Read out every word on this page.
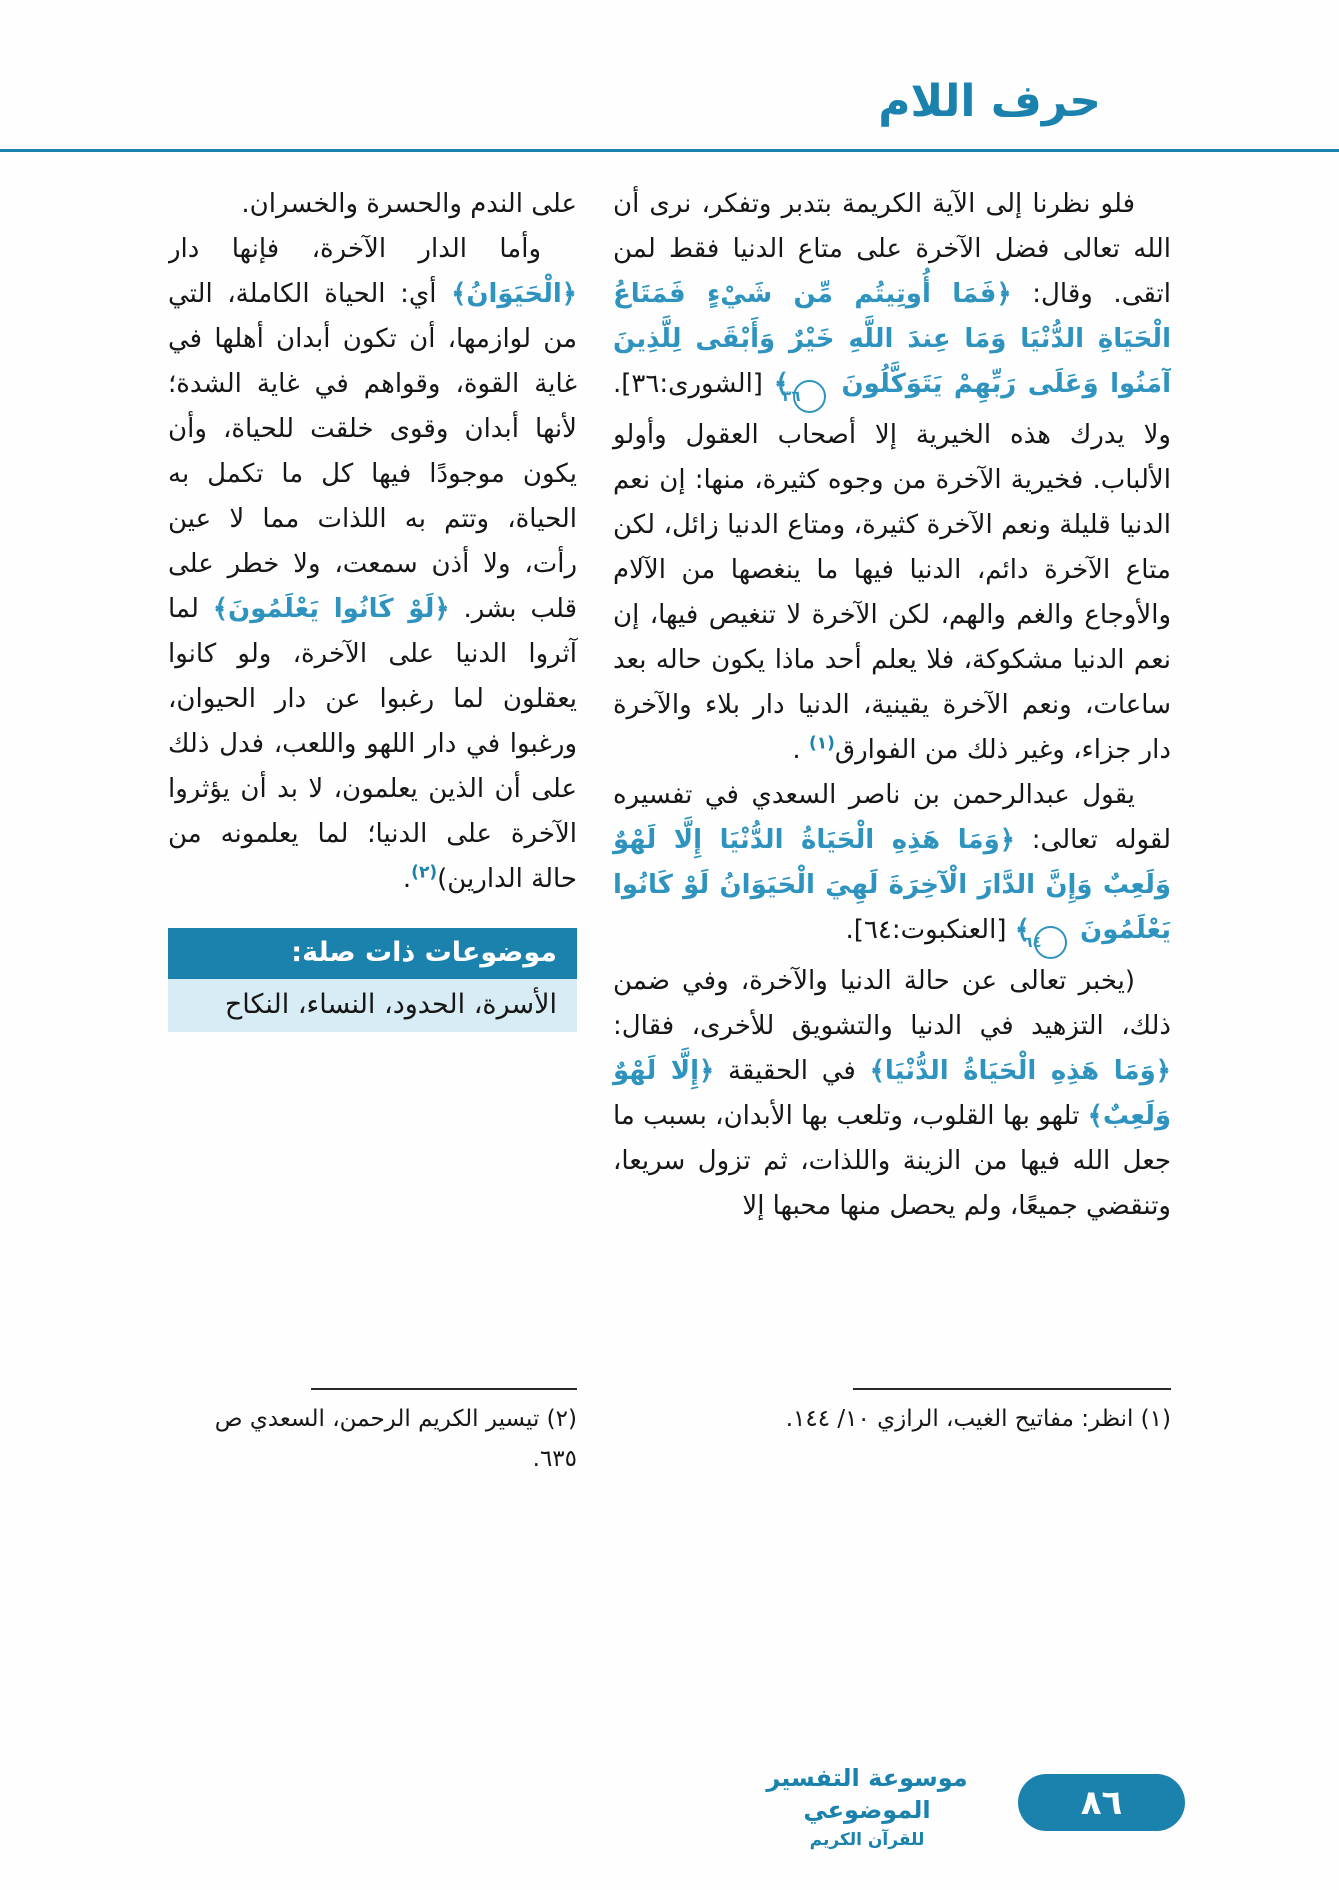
حرف اللام

فلو نظرنا إلى الآية الكريمة بتدبر وتفكر، نرى أن الله تعالى فضل الآخرة على متاع الدنيا فقط لمن اتقى. وقال: ﴿فَمَا أُوتِيتُم مِّن شَيْءٍ فَمَتَاعُ الْحَيَاةِ الدُّنْيَا وَمَا عِندَ اللَّهِ خَيْرٌ وَأَبْقَى لِلَّذِينَ آمَنُوا وَعَلَى رَبِّهِمْ يَتَوَكَّلُونَ ٣٦﴾ [الشورى:٣٦]. ولا يدرك هذه الخيرية إلا أصحاب العقول وأولو الألباب. فخيرية الآخرة من وجوه كثيرة، منها: إن نعم الدنيا قليلة ونعم الآخرة كثيرة، ومتاع الدنيا زائل، لكن متاع الآخرة دائم، الدنيا فيها ما ينغصها من الآلام والأوجاع والغم والهم، لكن الآخرة لا تنغيص فيها، إن نعم الدنيا مشكوكة، فلا يعلم أحد ماذا يكون حاله بعد ساعات، ونعم الآخرة يقينية، الدنيا دار بلاء والآخرة دار جزاء، وغير ذلك من الفوارق$^{(١)}$ .

يقول عبدالرحمن بن ناصر السعدي في تفسيره لقوله تعالى: ﴿وَمَا هَذِهِ الْحَيَاةُ الدُّنْيَا إِلَّا لَهْوٌ وَلَعِبٌ وَإِنَّ الدَّارَ الْآخِرَةَ لَهِيَ الْحَيَوَانُ لَوْ كَانُوا يَعْلَمُونَ ٦٤﴾ [العنكبوت:٦٤].

(يخبر تعالى عن حالة الدنيا والآخرة، وفي ضمن ذلك، التزهيد في الدنيا والتشويق للأخرى، فقال: ﴿وَمَا هَذِهِ الْحَيَاةُ الدُّنْيَا﴾ في الحقيقة ﴿إِلَّا لَهْوٌ وَلَعِبٌ﴾ تلهو بها القلوب، وتلعب بها الأبدان، بسبب ما جعل الله فيها من الزينة واللذات، ثم تزول سريعا، وتنقضي جميعًا، ولم يحصل منها محبها إلا

على الندم والحسرة والخسران.

وأما الدار الآخرة، فإنها دار ﴿الْحَيَوَانُ﴾ أي: الحياة الكاملة، التي من لوازمها، أن تكون أبدان أهلها في غاية القوة، وقواهم في غاية الشدة؛ لأنها أبدان وقوى خلقت للحياة، وأن يكون موجودًا فيها كل ما تكمل به الحياة، وتتم به اللذات مما لا عين رأت، ولا أذن سمعت، ولا خطر على قلب بشر. ﴿لَوْ كَانُوا يَعْلَمُونَ﴾ لما آثروا الدنيا على الآخرة، ولو كانوا يعقلون لما رغبوا عن دار الحيوان، ورغبوا في دار اللهو واللعب، فدل ذلك على أن الذين يعلمون، لا بد أن يؤثروا الآخرة على الدنيا؛ لما يعلمونه من حالة الدارين)$^{(٢)}$.

موضوعات ذات صلة:
الأسرة، الحدود، النساء، النكاح
(١) انظر: مفاتيح الغيب، الرازي ١٠/ ١٤٤.
(٢) تيسير الكريم الرحمن، السعدي ص ٦٣٥.
موسوعة التفسير الموضوعي
للقرآن الكريم
٨٦
